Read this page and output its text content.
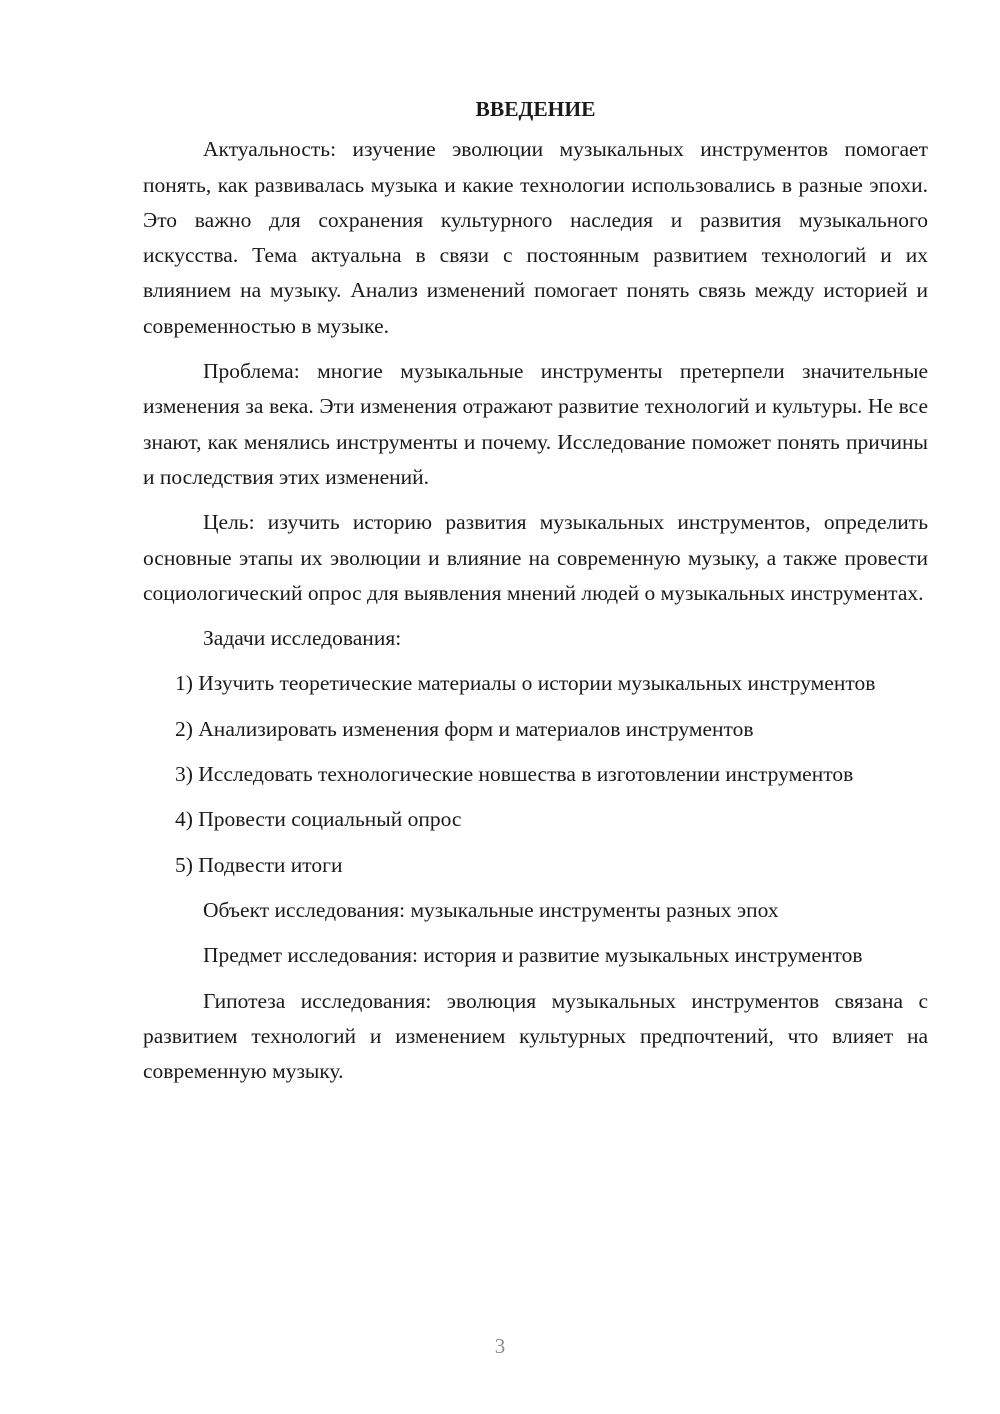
ВВЕДЕНИЕ

Актуальность: изучение эволюции музыкальных инструментов помогает понять, как развивалась музыка и какие технологии использовались в разные эпохи. Это важно для сохранения культурного наследия и развития музыкального искусства. Тема актуальна в связи с постоянным развитием технологий и их влиянием на музыку. Анализ изменений помогает понять связь между историей и современностью в музыке.

Проблема: многие музыкальные инструменты претерпели значительные изменения за века. Эти изменения отражают развитие технологий и культуры. Не все знают, как менялись инструменты и почему. Исследование поможет понять причины и последствия этих изменений.

Цель: изучить историю развития музыкальных инструментов, определить основные этапы их эволюции и влияние на современную музыку, а также провести социологический опрос для выявления мнений людей о музыкальных инструментах.

Задачи исследования:

1) Изучить теоретические материалы о истории музыкальных инструментов

2) Анализировать изменения форм и материалов инструментов

3) Исследовать технологические новшества в изготовлении инструментов

4) Провести социальный опрос

5) Подвести итоги

Объект исследования: музыкальные инструменты разных эпох

Предмет исследования: история и развитие музыкальных инструментов

Гипотеза исследования: эволюция музыкальных инструментов связана с развитием технологий и изменением культурных предпочтений, что влияет на современную музыку.

3
